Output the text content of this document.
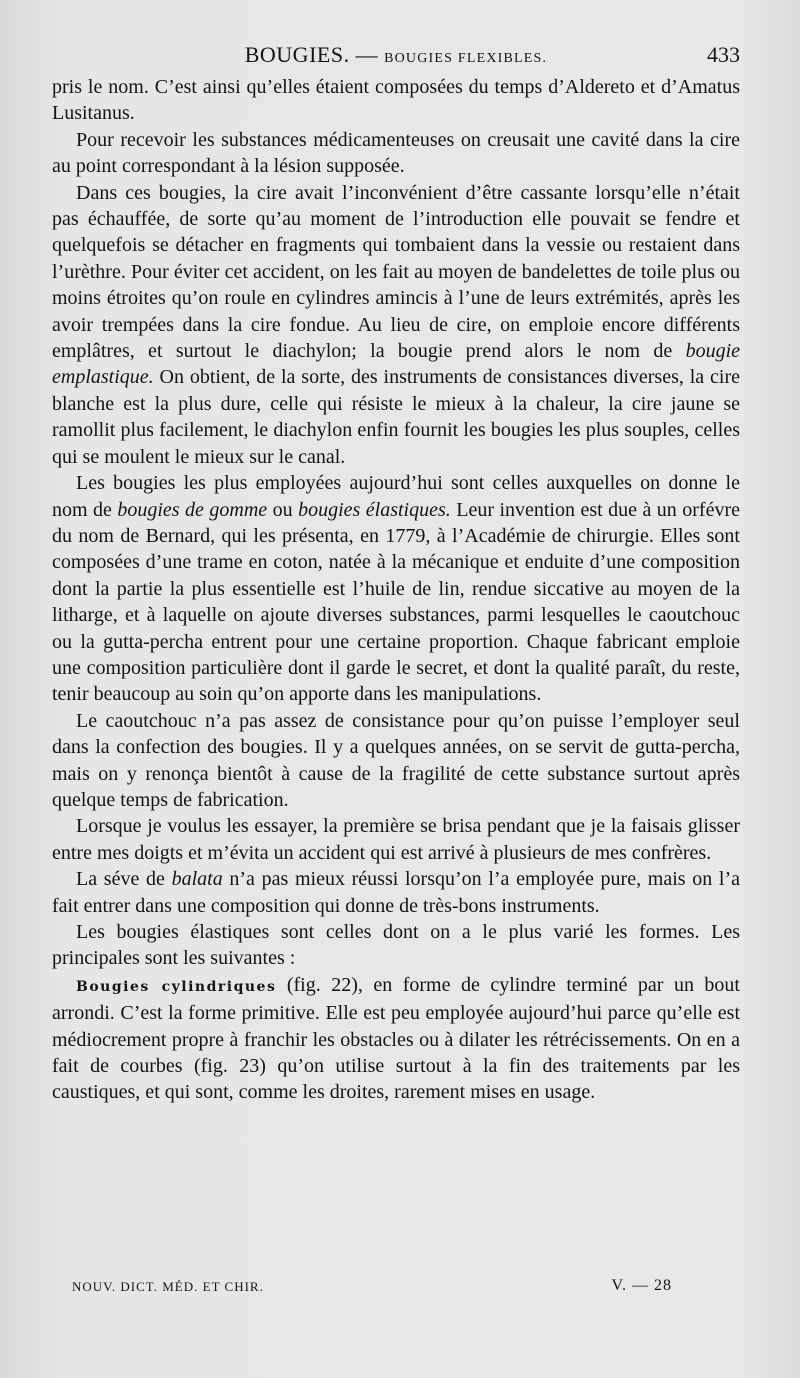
BOUGIES. — BOUGIES FLEXIBLES.	433

pris le nom. C’est ainsi qu’elles étaient composées du temps d’Aldereto et d’Amatus Lusitanus.

Pour recevoir les substances médicamenteuses on creusait une cavité dans la cire au point correspondant à la lésion supposée.

Dans ces bougies, la cire avait l’inconvénient d’être cassante lorsqu’elle n’était pas échauffée, de sorte qu’au moment de l’introduction elle pouvait se fendre et quelquefois se détacher en fragments qui tombaient dans la vessie ou restaient dans l’urèthre. Pour éviter cet accident, on les fait au moyen de bandelettes de toile plus ou moins étroites qu’on roule en cylindres amincis à l’une de leurs extrémités, après les avoir trempées dans la cire fondue. Au lieu de cire, on emploie encore différents emplâtres, et surtout le diachylon; la bougie prend alors le nom de bougie emplastique. On obtient, de la sorte, des instruments de consistances diverses, la cire blanche est la plus dure, celle qui résiste le mieux à la chaleur, la cire jaune se ramollit plus facilement, le diachylon enfin fournit les bougies les plus souples, celles qui se moulent le mieux sur le canal.

Les bougies les plus employées aujourd’hui sont celles auxquelles on donne le nom de bougies de gomme ou bougies élastiques. Leur invention est due à un orfévre du nom de Bernard, qui les présenta, en 1779, à l’Académie de chirurgie. Elles sont composées d’une trame en coton, natée à la mécanique et enduite d’une composition dont la partie la plus essentielle est l’huile de lin, rendue siccative au moyen de la litharge, et à laquelle on ajoute diverses substances, parmi lesquelles le caoutchouc ou la gutta-percha entrent pour une certaine proportion. Chaque fabricant emploie une composition particulière dont il garde le secret, et dont la qualité paraît, du reste, tenir beaucoup au soin qu’on apporte dans les manipulations.

Le caoutchouc n’a pas assez de consistance pour qu’on puisse l’employer seul dans la confection des bougies. Il y a quelques années, on se servit de gutta-percha, mais on y renonça bientôt à cause de la fragilité de cette substance surtout après quelque temps de fabrication.

Lorsque je voulus les essayer, la première se brisa pendant que je la faisais glisser entre mes doigts et m’évita un accident qui est arrivé à plusieurs de mes confrères.

La séve de balata n’a pas mieux réussi lorsqu’on l’a employée pure, mais on l’a fait entrer dans une composition qui donne de très-bons instruments.

Les bougies élastiques sont celles dont on a le plus varié les formes. Les principales sont les suivantes :

Bougies cylindriques (fig. 22), en forme de cylindre terminé par un bout arrondi. C’est la forme primitive. Elle est peu employée aujourd’hui parce qu’elle est médiocrement propre à franchir les obstacles ou à dilater les rétrécissements. On en a fait de courbes (fig. 23) qu’on utilise surtout à la fin des traitements par les caustiques, et qui sont, comme les droites, rarement mises en usage.

NOUV. DICT. MÉD. ET CHIR.	V. — 28
